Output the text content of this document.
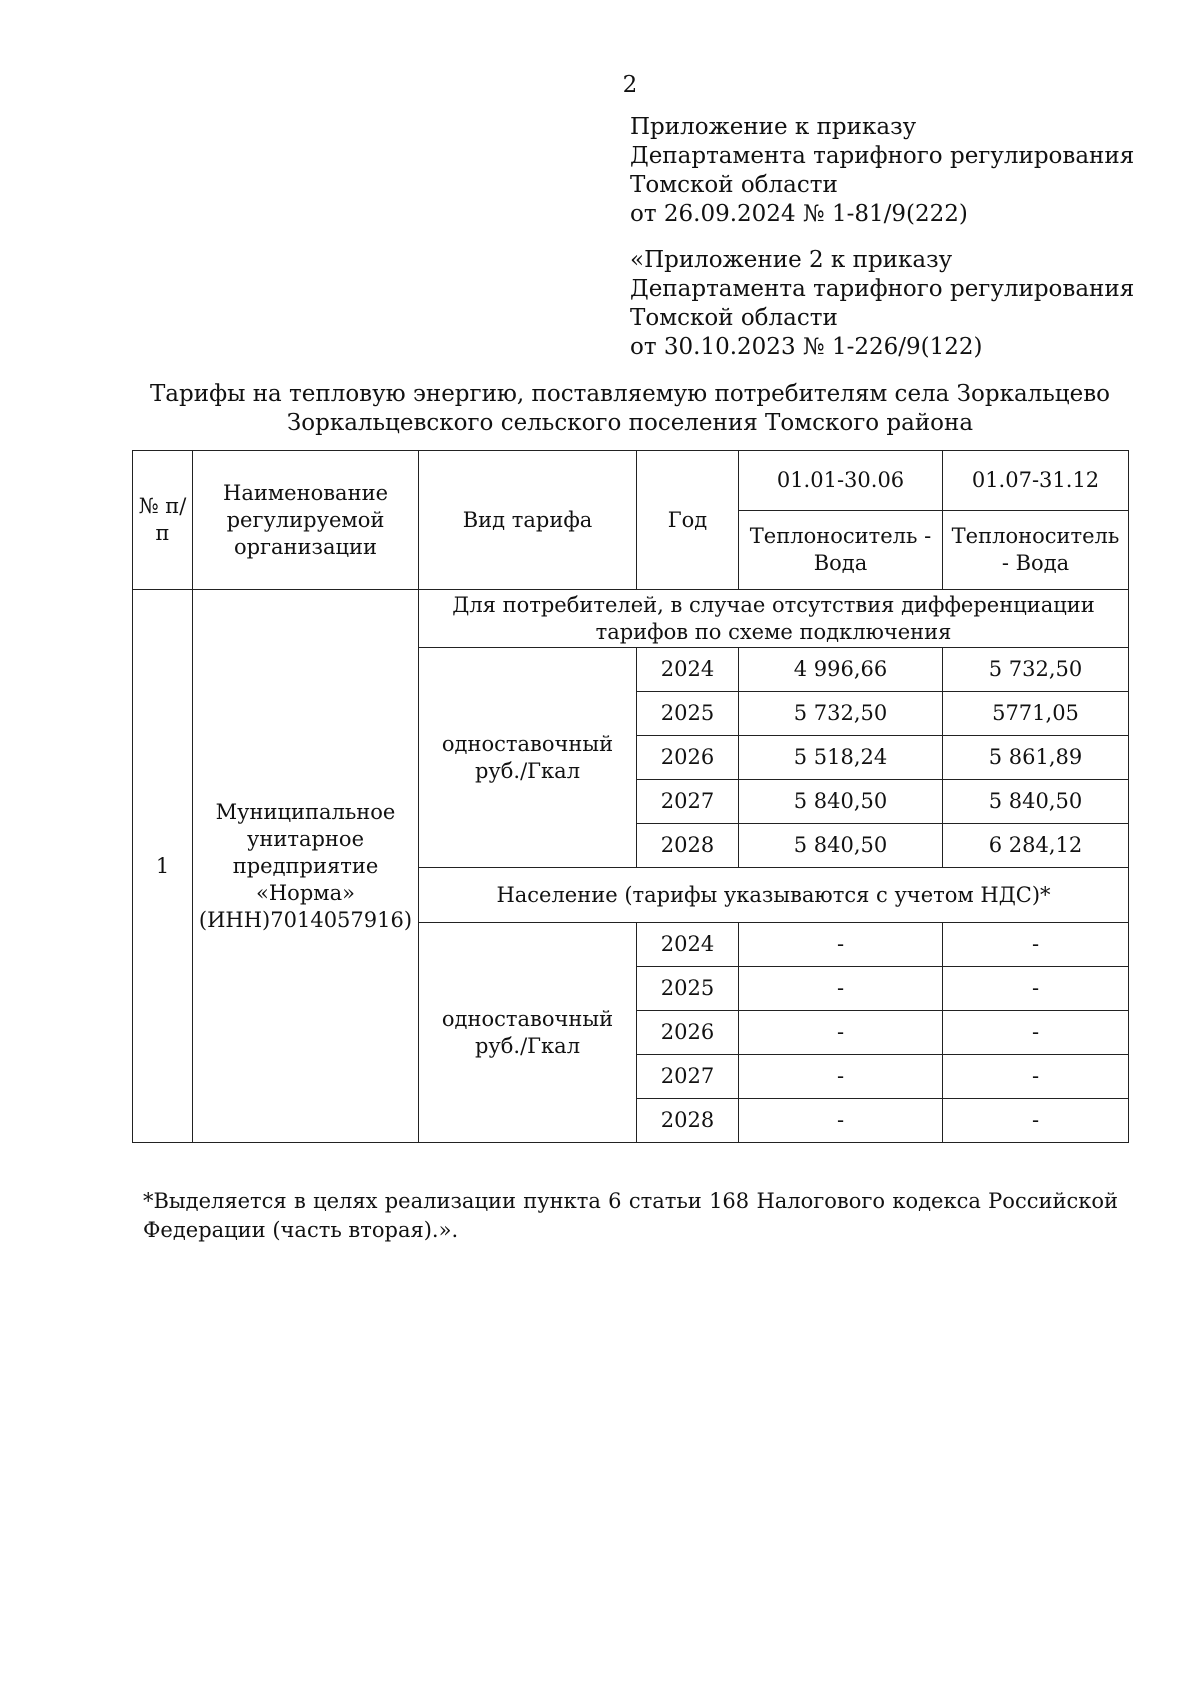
2
Приложение к приказу
Департамента тарифного регулирования
Томской области
от 26.09.2024 № 1-81/9(222)
«Приложение 2 к приказу
Департамента тарифного регулирования
Томской области
от 30.10.2023 № 1-226/9(122)
Тарифы на тепловую энергию, поставляемую потребителям села Зоркальцево
Зоркальцевского сельского поселения Томского района
№ п/п	Наименование регулируемой организации	Вид тарифа	Год	01.01-30.06	01.07-31.12
				Теплоноситель - Вода	Теплоноситель - Вода
1	Муниципальное унитарное предприятие «Норма» (ИНН)7014057916)	Для потребителей, в случае отсутствия дифференциации тарифов по схеме подключения			
		одноставочный руб./Гкал	2024	4 996,66	5 732,50
			2025	5 732,50	5771,05
			2026	5 518,24	5 861,89
			2027	5 840,50	5 840,50
			2028	5 840,50	6 284,12
		Население (тарифы указываются с учетом НДС)*			
		одноставочный руб./Гкал	2024	-	-
			2025	-	-
			2026	-	-
			2027	-	-
			2028	-	-
*Выделяется в целях реализации пункта 6 статьи 168 Налогового кодекса Российской Федерации (часть вторая).».
